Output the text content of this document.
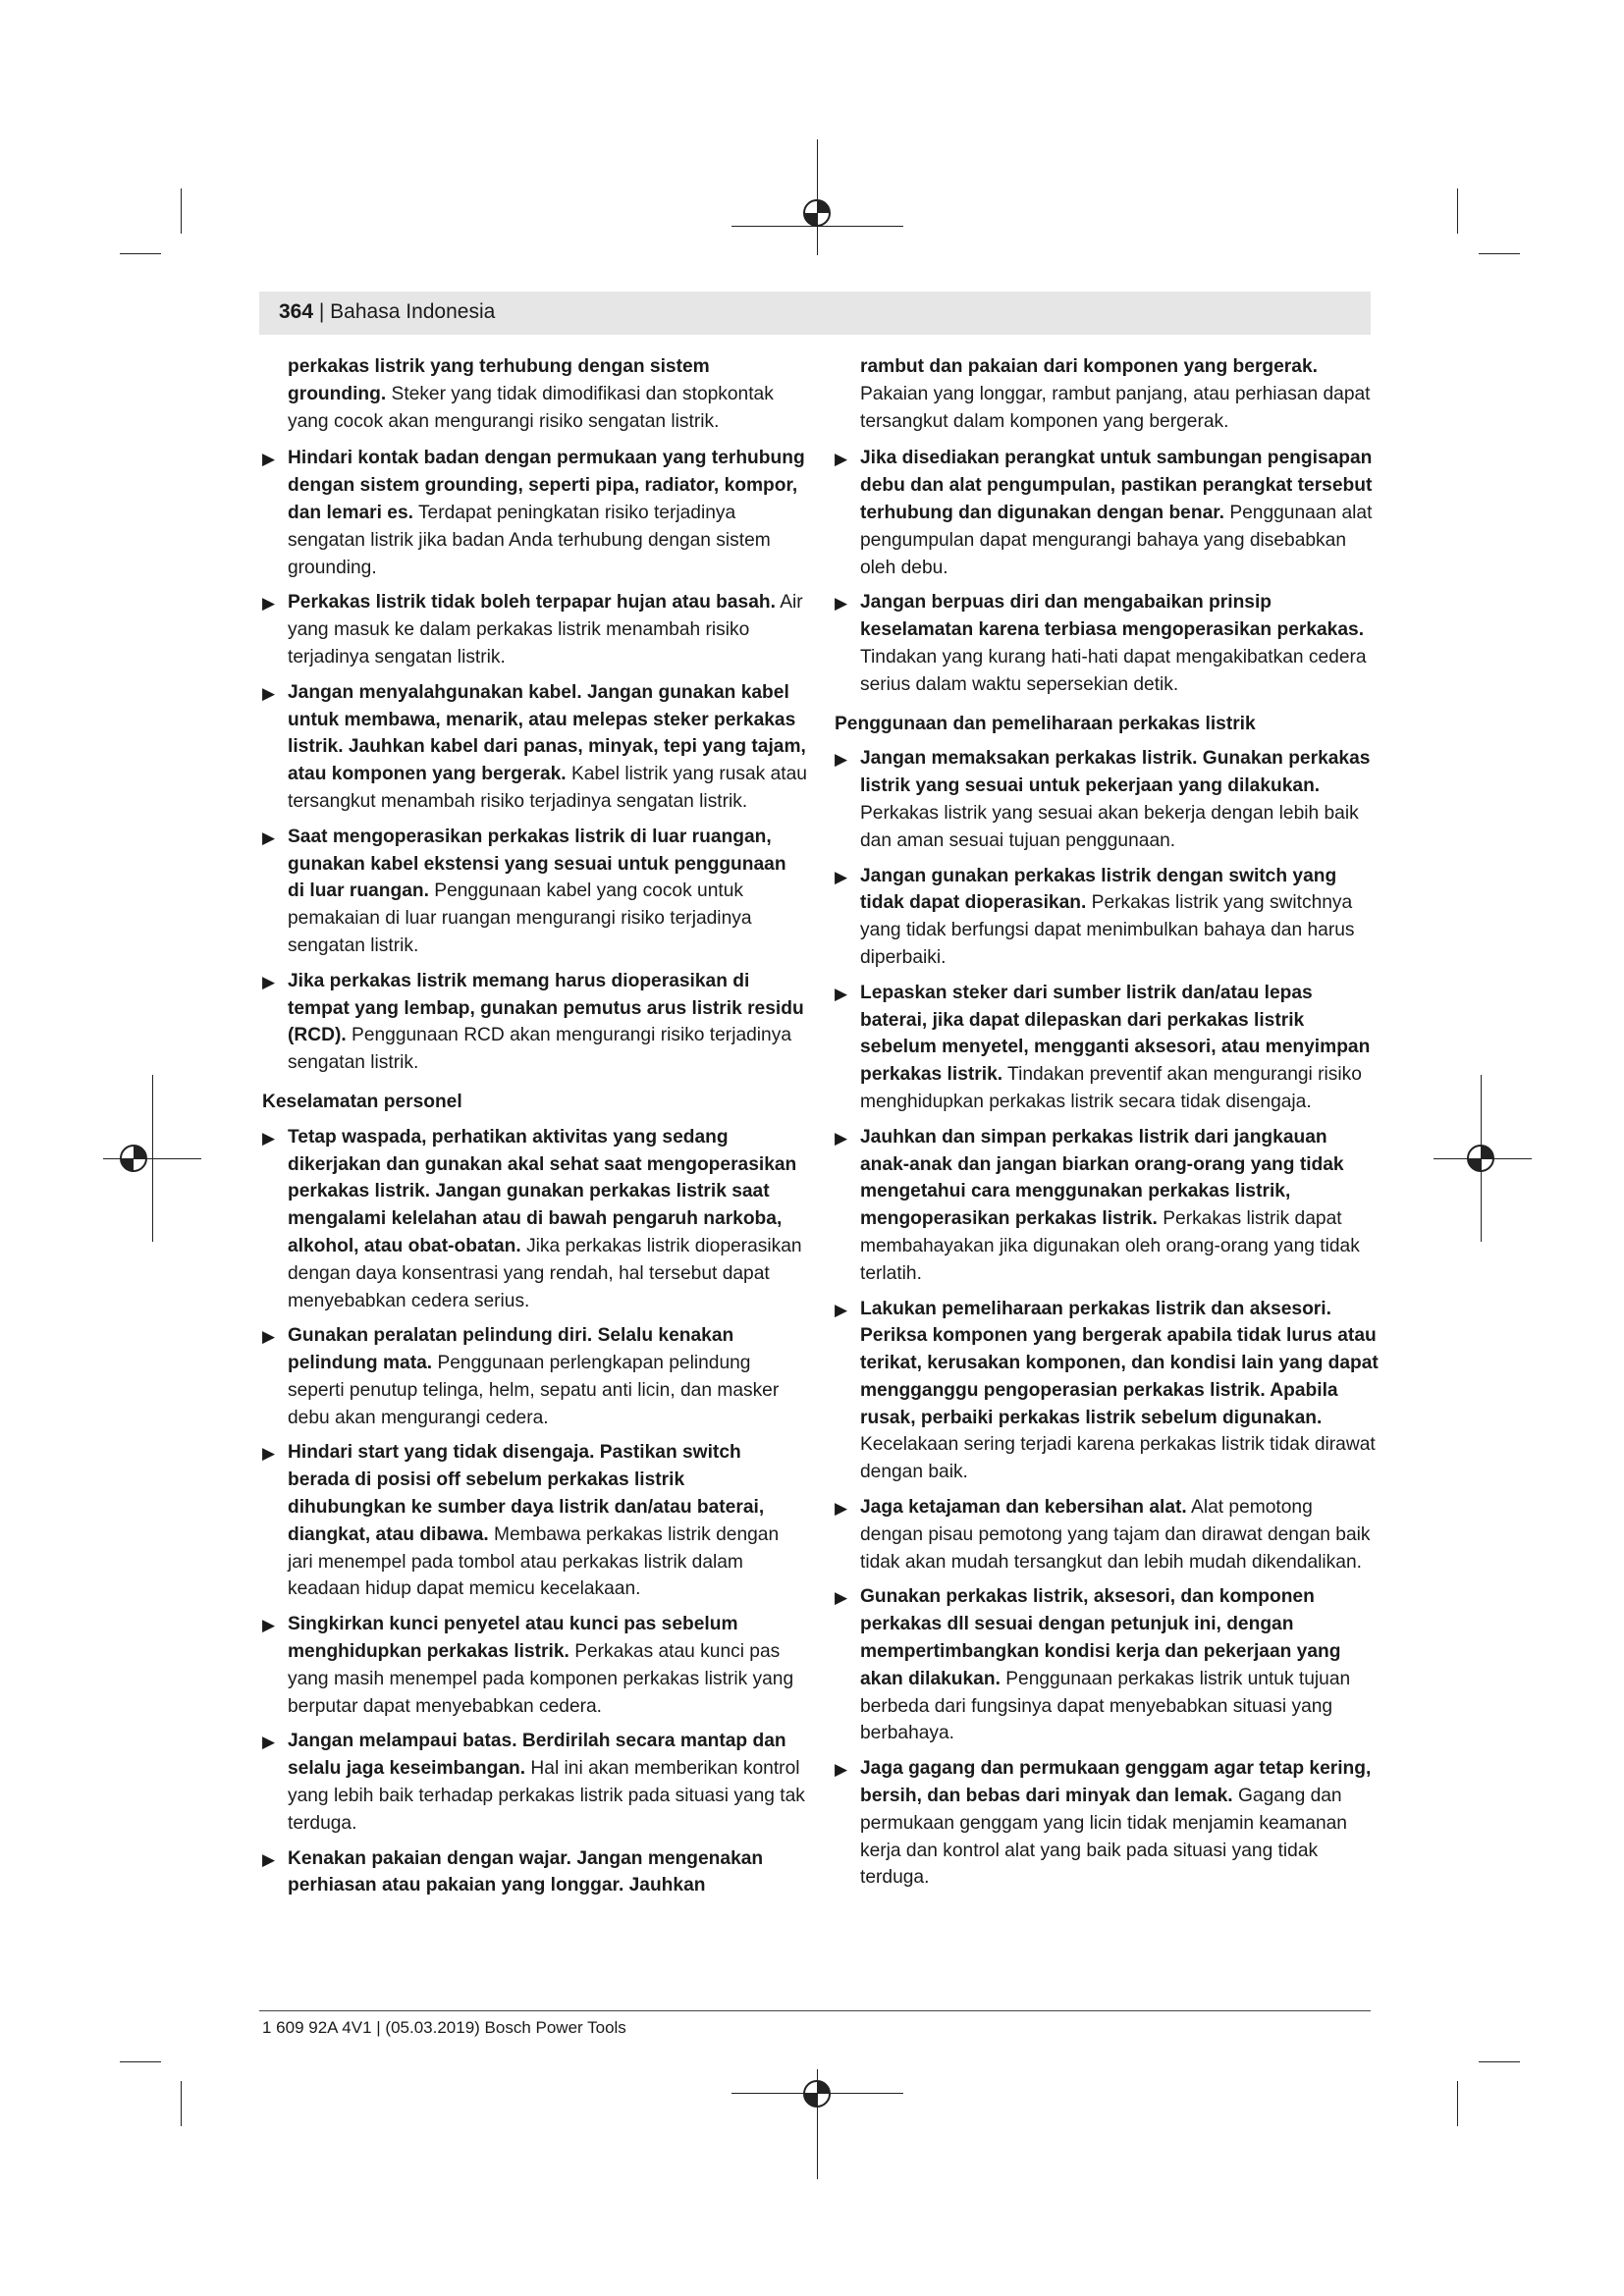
364 | Bahasa Indonesia

perkakas listrik yang terhubung dengan sistem grounding. Steker yang tidak dimodifikasi dan stopkontak yang cocok akan mengurangi risiko sengatan listrik.

▶ Hindari kontak badan dengan permukaan yang terhubung dengan sistem grounding, seperti pipa, radiator, kompor, dan lemari es. Terdapat peningkatan risiko terjadinya sengatan listrik jika badan Anda terhubung dengan sistem grounding.

▶ Perkakas listrik tidak boleh terpapar hujan atau basah. Air yang masuk ke dalam perkakas listrik menambah risiko terjadinya sengatan listrik.

▶ Jangan menyalahgunakan kabel. Jangan gunakan kabel untuk membawa, menarik, atau melepas steker perkakas listrik. Jauhkan kabel dari panas, minyak, tepi yang tajam, atau komponen yang bergerak. Kabel listrik yang rusak atau tersangkut menambah risiko terjadinya sengatan listrik.

▶ Saat mengoperasikan perkakas listrik di luar ruangan, gunakan kabel ekstensi yang sesuai untuk penggunaan di luar ruangan. Penggunaan kabel yang cocok untuk pemakaian di luar ruangan mengurangi risiko terjadinya sengatan listrik.

▶ Jika perkakas listrik memang harus dioperasikan di tempat yang lembap, gunakan pemutus arus listrik residu (RCD). Penggunaan RCD akan mengurangi risiko terjadinya sengatan listrik.

Keselamatan personel

▶ Tetap waspada, perhatikan aktivitas yang sedang dikerjakan dan gunakan akal sehat saat mengoperasikan perkakas listrik. Jangan gunakan perkakas listrik saat mengalami kelelahan atau di bawah pengaruh narkoba, alkohol, atau obat-obatan. Jika perkakas listrik dioperasikan dengan daya konsentrasi yang rendah, hal tersebut dapat menyebabkan cedera serius.

▶ Gunakan peralatan pelindung diri. Selalu kenakan pelindung mata. Penggunaan perlengkapan pelindung seperti penutup telinga, helm, sepatu anti licin, dan masker debu akan mengurangi cedera.

▶ Hindari start yang tidak disengaja. Pastikan switch berada di posisi off sebelum perkakas listrik dihubungkan ke sumber daya listrik dan/atau baterai, diangkat, atau dibawa. Membawa perkakas listrik dengan jari menempel pada tombol atau perkakas listrik dalam keadaan hidup dapat memicu kecelakaan.

▶ Singkirkan kunci penyetel atau kunci pas sebelum menghidupkan perkakas listrik. Perkakas atau kunci pas yang masih menempel pada komponen perkakas listrik yang berputar dapat menyebabkan cedera.

▶ Jangan melampaui batas. Berdirilah secara mantap dan selalu jaga keseimbangan. Hal ini akan memberikan kontrol yang lebih baik terhadap perkakas listrik pada situasi yang tak terduga.

▶ Kenakan pakaian dengan wajar. Jangan mengenakan perhiasan atau pakaian yang longgar. Jauhkan

rambut dan pakaian dari komponen yang bergerak. Pakaian yang longgar, rambut panjang, atau perhiasan dapat tersangkut dalam komponen yang bergerak.

▶ Jika disediakan perangkat untuk sambungan pengisapan debu dan alat pengumpulan, pastikan perangkat tersebut terhubung dan digunakan dengan benar. Penggunaan alat pengumpulan dapat mengurangi bahaya yang disebabkan oleh debu.

▶ Jangan berpuas diri dan mengabaikan prinsip keselamatan karena terbiasa mengoperasikan perkakas. Tindakan yang kurang hati-hati dapat mengakibatkan cedera serius dalam waktu sepersekian detik.

Penggunaan dan pemeliharaan perkakas listrik

▶ Jangan memaksakan perkakas listrik. Gunakan perkakas listrik yang sesuai untuk pekerjaan yang dilakukan. Perkakas listrik yang sesuai akan bekerja dengan lebih baik dan aman sesuai tujuan penggunaan.

▶ Jangan gunakan perkakas listrik dengan switch yang tidak dapat dioperasikan. Perkakas listrik yang switchnya yang tidak berfungsi dapat menimbulkan bahaya dan harus diperbaiki.

▶ Lepaskan steker dari sumber listrik dan/atau lepas baterai, jika dapat dilepaskan dari perkakas listrik sebelum menyetel, mengganti aksesori, atau menyimpan perkakas listrik. Tindakan preventif akan mengurangi risiko menghidupkan perkakas listrik secara tidak disengaja.

▶ Jauhkan dan simpan perkakas listrik dari jangkauan anak-anak dan jangan biarkan orang-orang yang tidak mengetahui cara menggunakan perkakas listrik, mengoperasikan perkakas listrik. Perkakas listrik dapat membahayakan jika digunakan oleh orang-orang yang tidak terlatih.

▶ Lakukan pemeliharaan perkakas listrik dan aksesori. Periksa komponen yang bergerak apabila tidak lurus atau terikat, kerusakan komponen, dan kondisi lain yang dapat mengganggu pengoperasian perkakas listrik. Apabila rusak, perbaiki perkakas listrik sebelum digunakan. Kecelakaan sering terjadi karena perkakas listrik tidak dirawat dengan baik.

▶ Jaga ketajaman dan kebersihan alat. Alat pemotong dengan pisau pemotong yang tajam dan dirawat dengan baik tidak akan mudah tersangkut dan lebih mudah dikendalikan.

▶ Gunakan perkakas listrik, aksesori, dan komponen perkakas dll sesuai dengan petunjuk ini, dengan mempertimbangkan kondisi kerja dan pekerjaan yang akan dilakukan. Penggunaan perkakas listrik untuk tujuan berbeda dari fungsinya dapat menyebabkan situasi yang berbahaya.

▶ Jaga gagang dan permukaan genggam agar tetap kering, bersih, dan bebas dari minyak dan lemak. Gagang dan permukaan genggam yang licin tidak menjamin keamanan kerja dan kontrol alat yang baik pada situasi yang tidak terduga.

1 609 92A 4V1 | (05.03.2019) Bosch Power Tools
